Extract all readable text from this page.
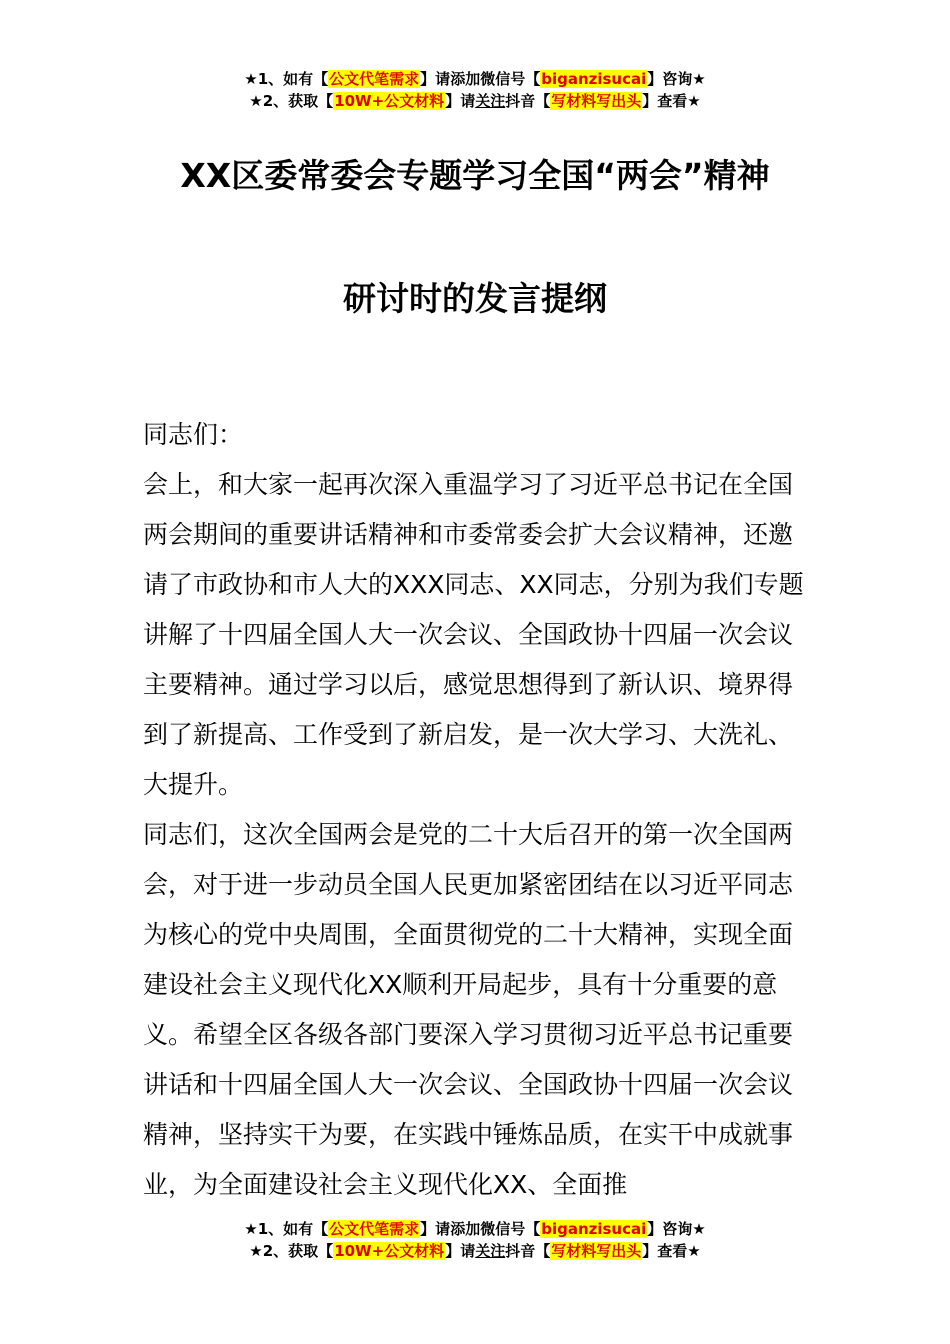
★1、如有【公文代笔需求】请添加微信号【biganzisucai】咨询★
★2、获取【10W+公文材料】请关注抖音【写材料写出头】查看★
XX区委常委会专题学习全国“两会”精神
研讨时的发言提纲

同志们：

会上，和大家一起再次深入重温学习了习近平总书记在全国两会期间的重要讲话精神和市委常委会扩大会议精神，还邀请了市政协和市人大的XXX同志、XX同志，分别为我们专题讲解了十四届全国人大一次会议、全国政协十四届一次会议主要精神。通过学习以后，感觉思想得到了新认识、境界得到了新提高、工作受到了新启发，是一次大学习、大洗礼、大提升。

同志们，这次全国两会是党的二十大后召开的第一次全国两会，对于进一步动员全国人民更加紧密团结在以习近平同志为核心的党中央周围，全面贯彻党的二十大精神，实现全面建设社会主义现代化XX顺利开局起步，具有十分重要的意义。希望全区各级各部门要深入学习贯彻习近平总书记重要讲话和十四届全国人大一次会议、全国政协十四届一次会议精神，坚持实干为要，在实践中锤炼品质，在实干中成就事业，为全面建设社会主义现代化XX、全面推

★1、如有【公文代笔需求】请添加微信号【biganzisucai】咨询★
★2、获取【10W+公文材料】请关注抖音【写材料写出头】查看★
